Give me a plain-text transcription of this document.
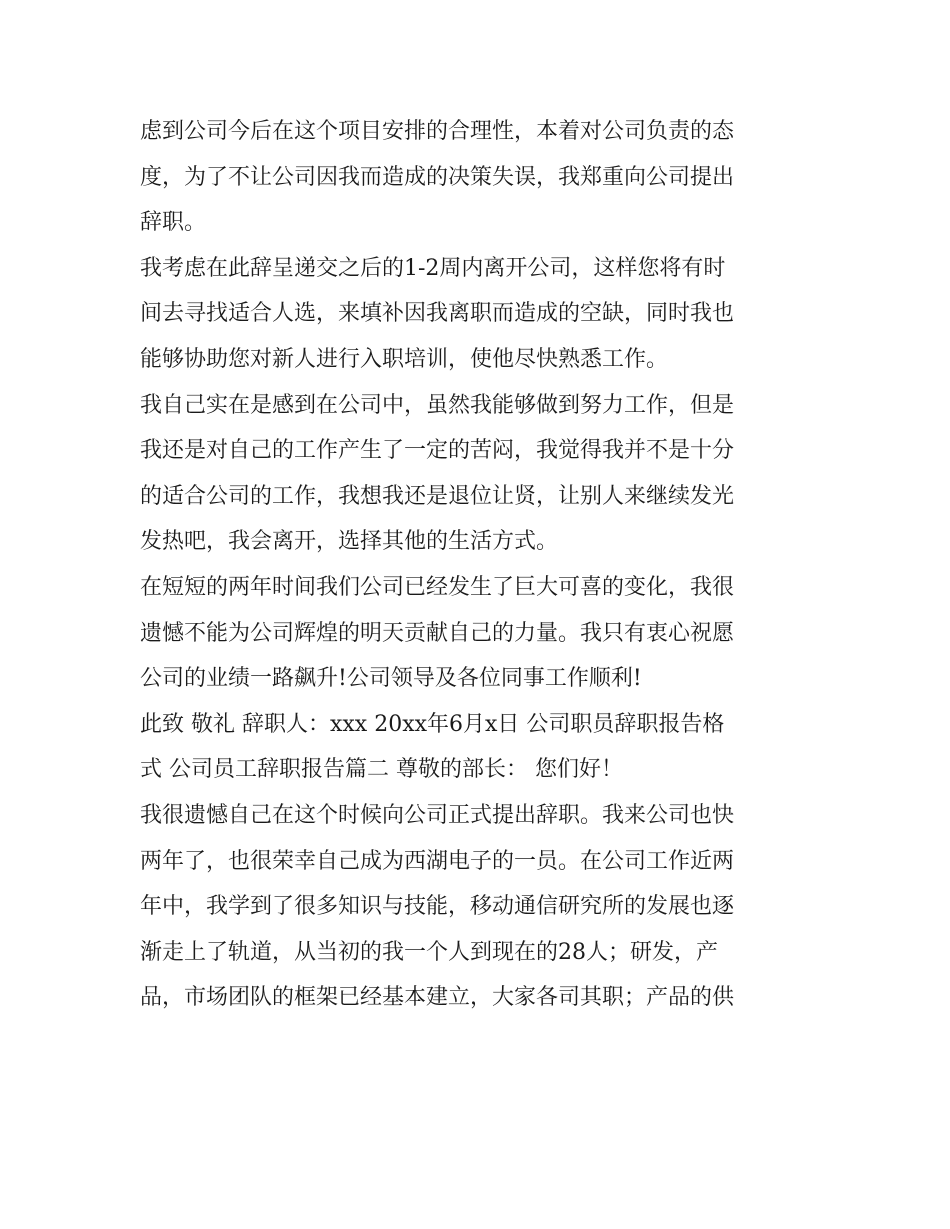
虑到公司今后在这个项目安排的合理性，本着对公司负责的态
度，为了不让公司因我而造成的决策失误，我郑重向公司提出
辞职。
我考虑在此辞呈递交之后的1-2周内离开公司，这样您将有时
间去寻找适合人选，来填补因我离职而造成的空缺，同时我也
能够协助您对新人进行入职培训，使他尽快熟悉工作。
我自己实在是感到在公司中，虽然我能够做到努力工作，但是
我还是对自己的工作产生了一定的苦闷，我觉得我并不是十分
的适合公司的工作，我想我还是退位让贤，让别人来继续发光
发热吧，我会离开，选择其他的生活方式。
在短短的两年时间我们公司已经发生了巨大可喜的变化，我很
遗憾不能为公司辉煌的明天贡献自己的力量。我只有衷心祝愿
公司的业绩一路飙升!公司领导及各位同事工作顺利!
此致 敬礼 辞职人：xxx 20xx年6月x日 公司职员辞职报告格
式 公司员工辞职报告篇二 尊敬的部长： 您们好！
我很遗憾自己在这个时候向公司正式提出辞职。我来公司也快
两年了，也很荣幸自己成为西湖电子的一员。在公司工作近两
年中，我学到了很多知识与技能，移动通信研究所的发展也逐
渐走上了轨道，从当初的我一个人到现在的28人；研发，产
品，市场团队的框架已经基本建立，大家各司其职；产品的供
